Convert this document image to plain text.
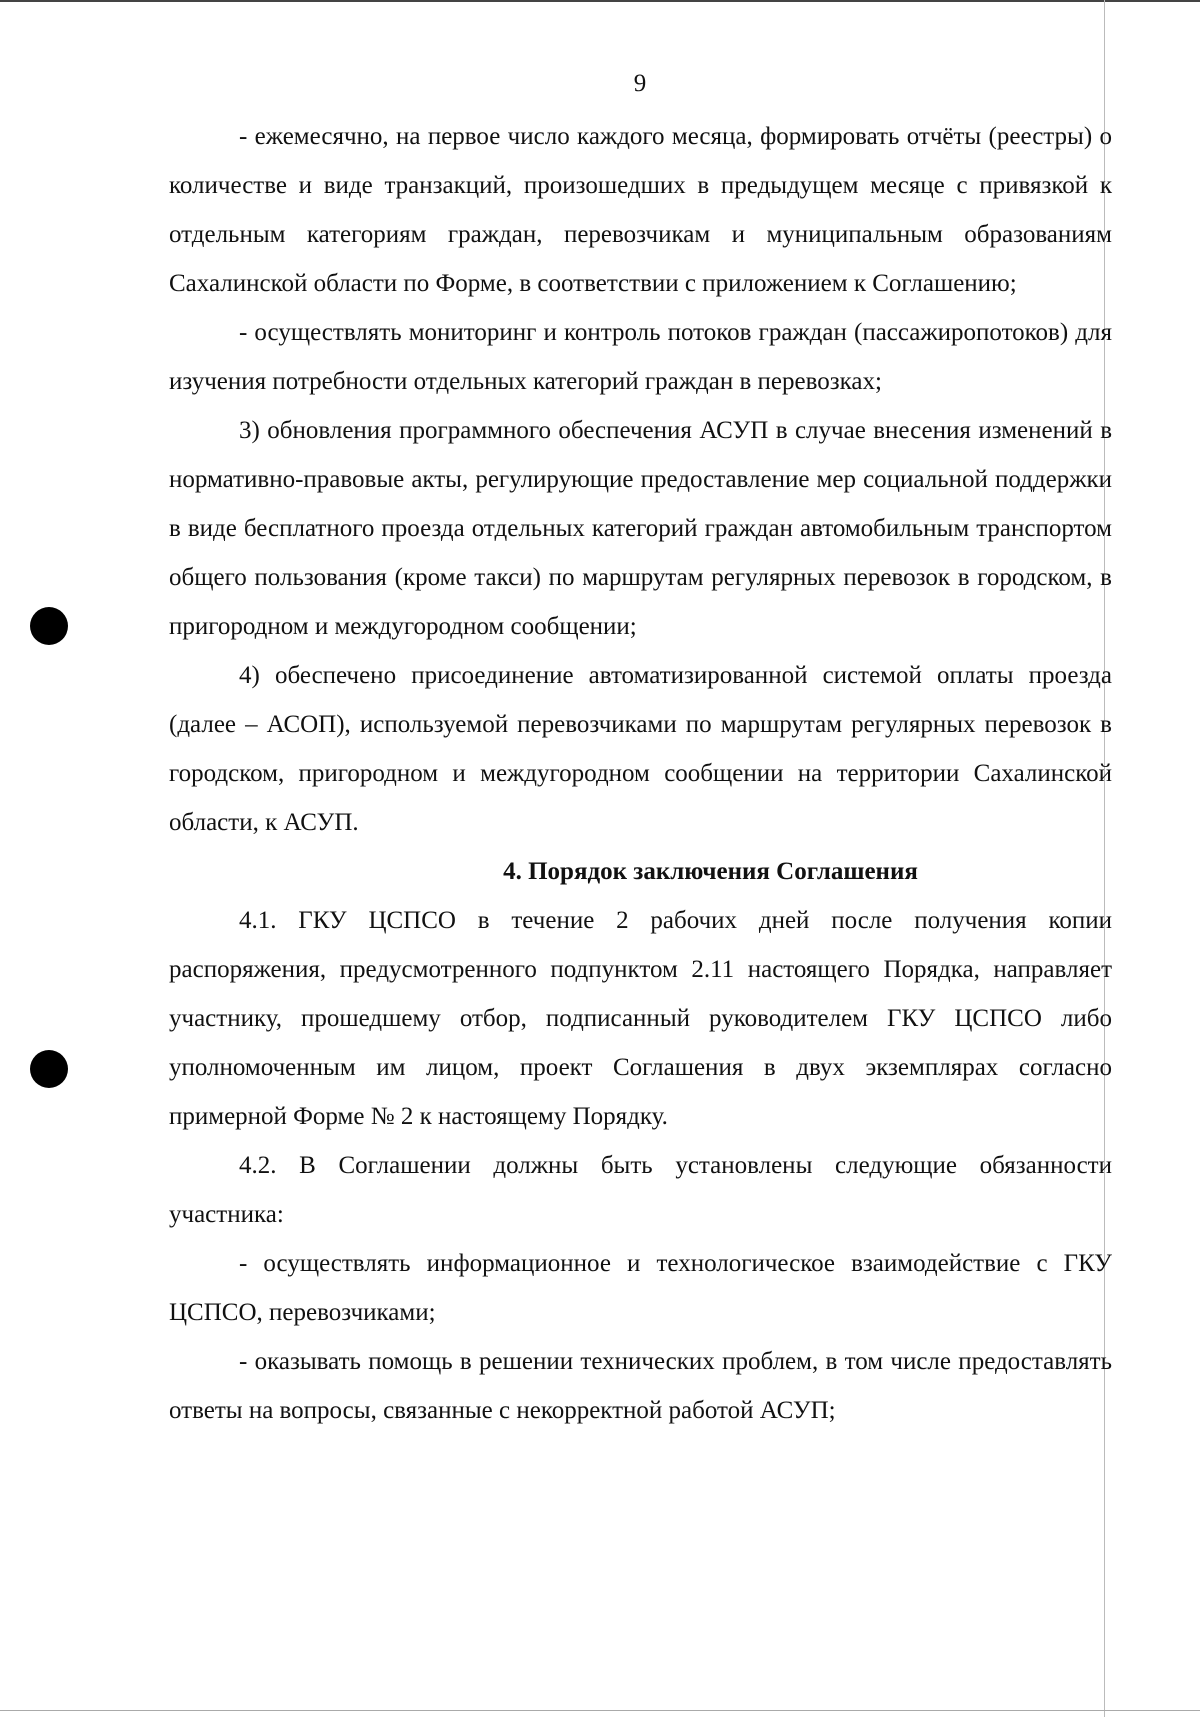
9

- ежемесячно, на первое число каждого месяца, формировать отчёты (реестры) о количестве и виде транзакций, произошедших в предыдущем месяце с привязкой к отдельным категориям граждан, перевозчикам и муниципальным образованиям Сахалинской области по Форме, в соответствии с приложением к Соглашению;

- осуществлять мониторинг и контроль потоков граждан (пассажиропотоков) для изучения потребности отдельных категорий граждан в перевозках;

3) обновления программного обеспечения АСУП в случае внесения изменений в нормативно-правовые акты, регулирующие предоставление мер социальной поддержки в виде бесплатного проезда отдельных категорий граждан автомобильным транспортом общего пользования (кроме такси) по маршрутам регулярных перевозок в городском, в пригородном и междугородном сообщении;

4) обеспечено присоединение автоматизированной системой оплаты проезда (далее – АСОП), используемой перевозчиками по маршрутам регулярных перевозок в городском, пригородном и междугородном сообщении на территории Сахалинской области, к АСУП.

4. Порядок заключения Соглашения

4.1. ГКУ ЦСПСО в течение 2 рабочих дней после получения копии распоряжения, предусмотренного подпунктом 2.11 настоящего Порядка, направляет участнику, прошедшему отбор, подписанный руководителем ГКУ ЦСПСО либо уполномоченным им лицом, проект Соглашения в двух экземплярах согласно примерной Форме № 2 к настоящему Порядку.

4.2. В Соглашении должны быть установлены следующие обязанности участника:

- осуществлять информационное и технологическое взаимодействие с ГКУ ЦСПСО, перевозчиками;

- оказывать помощь в решении технических проблем, в том числе предоставлять ответы на вопросы, связанные с некорректной работой АСУП;
